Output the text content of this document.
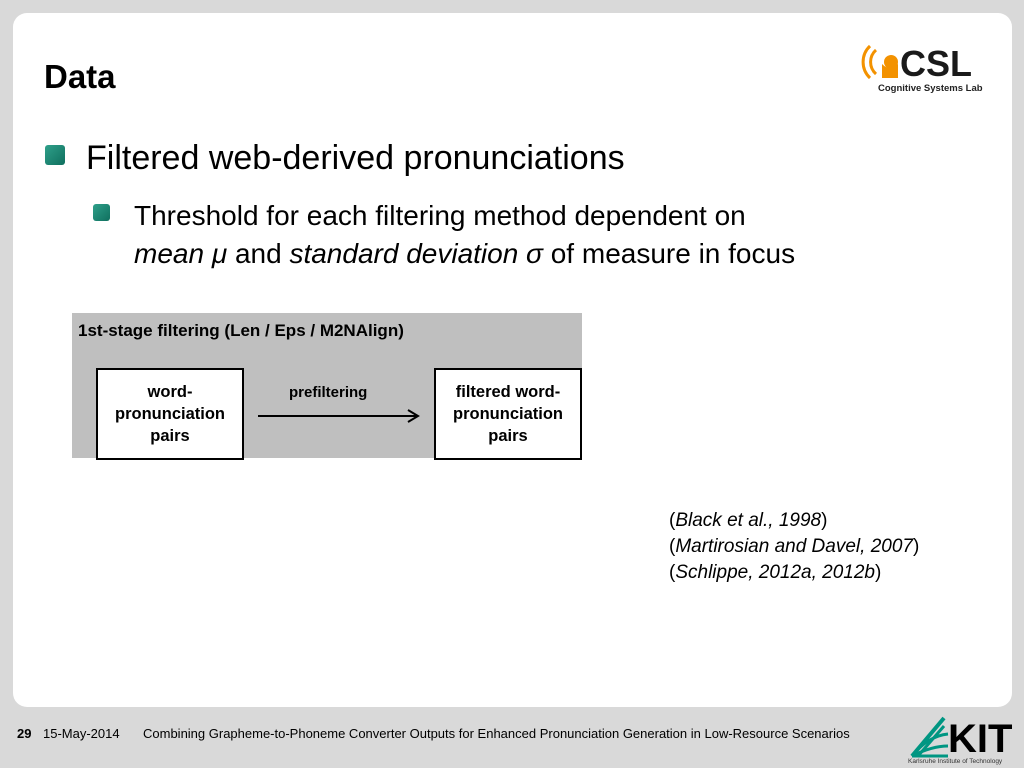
Data	CSL
Cognitive Systems Lab
Filtered web-derived pronunciations
Threshold for each filtering method dependent on
mean μ and standard deviation σ of measure in focus
1st-stage filtering (Len / Eps / M2NAlign)
word-
pronunciation
pairs
prefiltering	filtered word-
pronunciation
pairs
(Black et al., 1998)
(Martirosian and Davel, 2007)
(Schlippe, 2012a, 2012b)
29 15-May-2014 Combining Grapheme-to-Phoneme Converter Outputs for Enhanced Pronunciation Generation in Low-Resource Scenarios KIT
Karlsruhe Institute of Technology
